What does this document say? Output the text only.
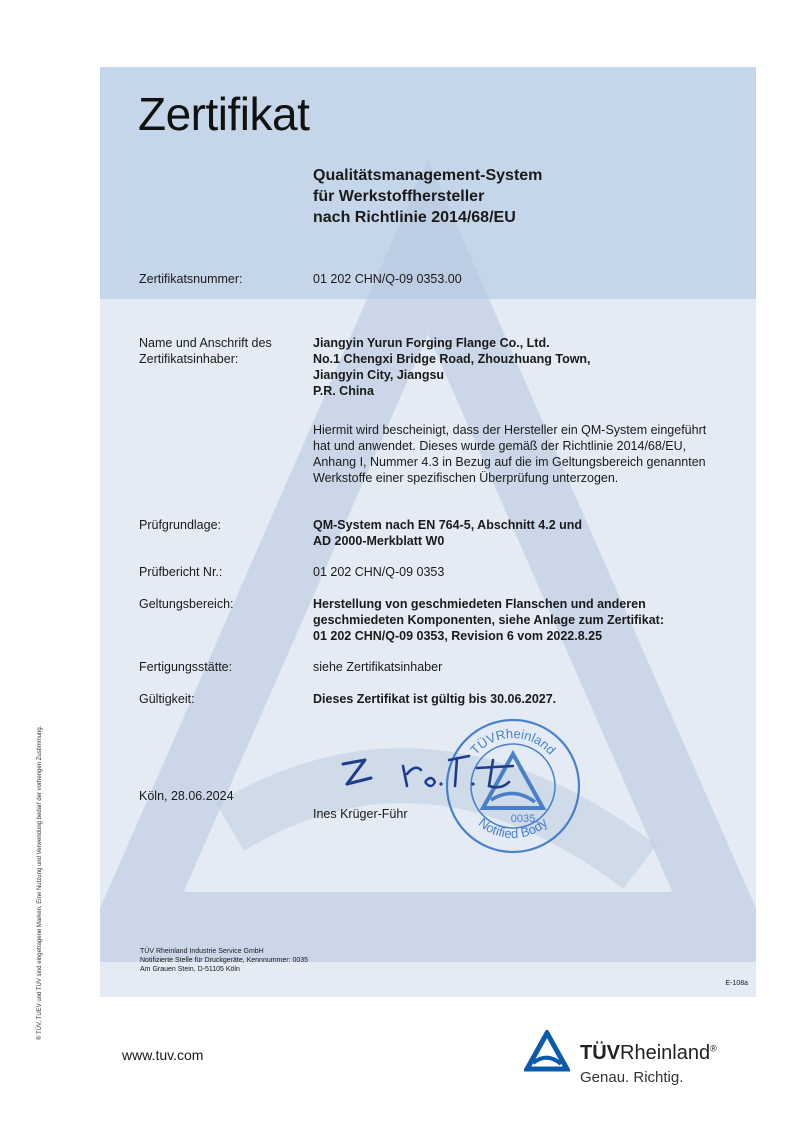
Zertifikat
Qualitätsmanagement-System
für Werkstoffhersteller
nach Richtlinie 2014/68/EU
Zertifikatsnummer:	01 202 CHN/Q-09 0353.00
Name und Anschrift des
Zertifikatsinhaber:
Jiangyin Yurun Forging Flange Co., Ltd.
No.1 Chengxi Bridge Road, Zhouzhuang Town,
Jiangyin City, Jiangsu
P.R. China
Hiermit wird bescheinigt, dass der Hersteller ein QM-System eingeführt hat und anwendet. Dieses wurde gemäß der Richtlinie 2014/68/EU, Anhang I, Nummer 4.3 in Bezug auf die im Geltungsbereich genannten Werkstoffe einer spezifischen Überprüfung unterzogen.
Prüfgrundlage:	QM-System nach EN 764-5, Abschnitt 4.2 und
AD 2000-Merkblatt W0
Prüfbericht Nr.:	01 202 CHN/Q-09 0353
Geltungsbereich:	Herstellung von geschmiedeten Flanschen und anderen
geschmiedeten Komponenten, siehe Anlage zum Zertifikat:
01 202 CHN/Q-09 0353, Revision 6 vom 2022.8.25
Fertigungsstätte:	siehe Zertifikatsinhaber
Gültigkeit:	Dieses Zertifikat ist gültig bis 30.06.2027.
Köln, 28.06.2024
Ines Krüger-Führ
TÜV Rheinland Industrie Service GmbH
Notifizierte Stelle für Druckgeräte, Kennnummer: 0035
Am Grauen Stein, D-51105 Köln
E-108a
TÜVRheinland
Notified Body
0035
® TÜV, TUEV und TUV sind eingetragene Marken. Eine Nutzung und Verwendung bedarf der vorherigen Zustimmung.
www.tuv.com	TÜVRheinland®
Genau. Richtig.
